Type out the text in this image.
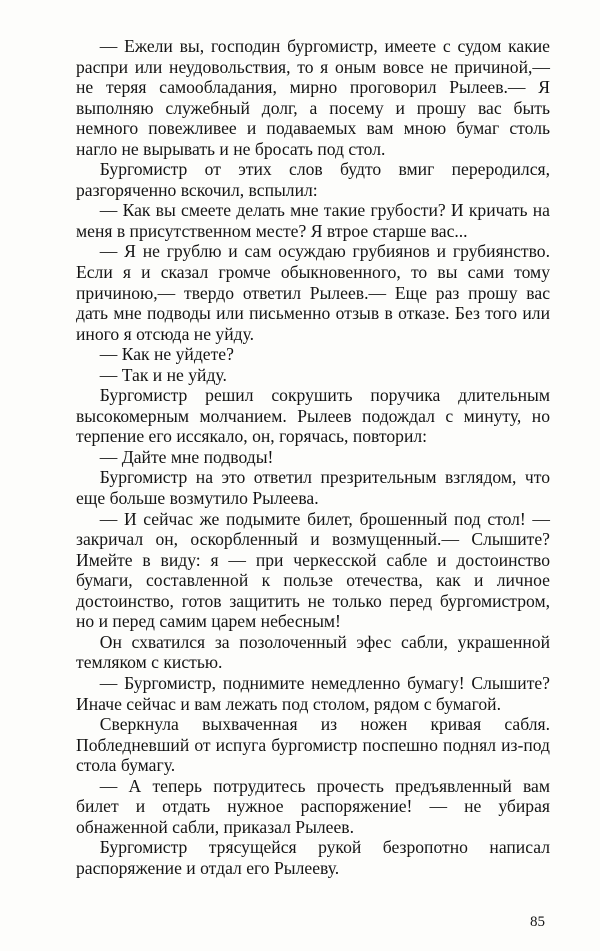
— Ежели вы, господин бургомистр, имеете с судом какие распри или неудовольствия, то я оным вовсе не причиной,— не теряя самообладания, мирно проговорил Рылеев.— Я выполняю служебный долг, а посему и прошу вас быть немного повежливее и подаваемых вам мною бумаг столь нагло не вырывать и не бросать под стол.

Бургомистр от этих слов будто вмиг переродился, разгоряченно вскочил, вспылил:

— Как вы смеете делать мне такие грубости? И кричать на меня в присутственном месте? Я втрое старше вас...

— Я не грублю и сам осуждаю грубиянов и грубиянство. Если я и сказал громче обыкновенного, то вы сами тому причиною,— твердо ответил Рылеев.— Еще раз прошу вас дать мне подводы или письменно отзыв в отказе. Без того или иного я отсюда не уйду.

— Как не уйдете?

— Так и не уйду.

Бургомистр решил сокрушить поручика длительным высокомерным молчанием. Рылеев подождал с минуту, но терпение его иссякало, он, горячась, повторил:

— Дайте мне подводы!

Бургомистр на это ответил презрительным взглядом, что еще больше возмутило Рылеева.

— И сейчас же подымите билет, брошенный под стол! — закричал он, оскорбленный и возмущенный.— Слышите? Имейте в виду: я — при черкесской сабле и достоинство бумаги, составленной к пользе отечества, как и личное достоинство, готов защитить не только перед бургомистром, но и перед самим царем небесным!

Он схватился за позолоченный эфес сабли, украшенной темляком с кистью.

— Бургомистр, поднимите немедленно бумагу! Слышите? Иначе сейчас и вам лежать под столом, рядом с бумагой.

Сверкнула выхваченная из ножен кривая сабля. Побледневший от испуга бургомистр поспешно поднял из-под стола бумагу.

— А теперь потрудитесь прочесть предъявленный вам билет и отдать нужное распоряжение! — не убирая обнаженной сабли, приказал Рылеев.

Бургомистр трясущейся рукой безропотно написал распоряжение и отдал его Рылееву.

85
